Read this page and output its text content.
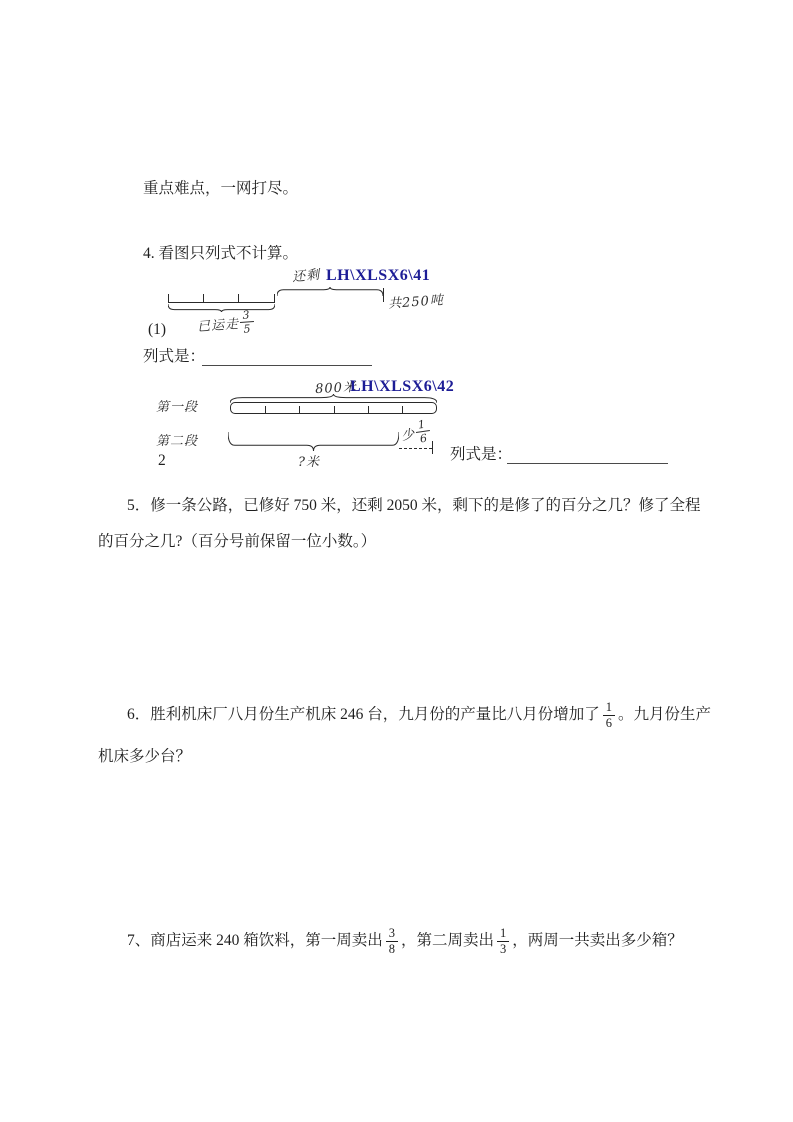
重点难点，一网打尽。
4. 看图只列式不计算。
还剩 LH\XLSX6\41
共250吨
已运走 $\frac{3}{5}$
(1)
列式是：
800米
LH\XLSX6\42
第一段
第二段	少
$\frac{1}{6}$
?米
2	列式是：
5．修一条公路，已修好 750 米，还剩 2050 米，剩下的是修了的百分之几？修了全程
的百分之几?（百分号前保留一位小数。）
6．胜利机床厂八月份生产机床 246 台，九月份的产量比八月份增加了 $\frac{1}{6}$ 。九月份生产
机床多少台？
7、商店运来 240 箱饮料，第一周卖出 $\frac{3}{8}$ ，第二周卖出 $\frac{1}{3}$ ，两周一共卖出多少箱？
